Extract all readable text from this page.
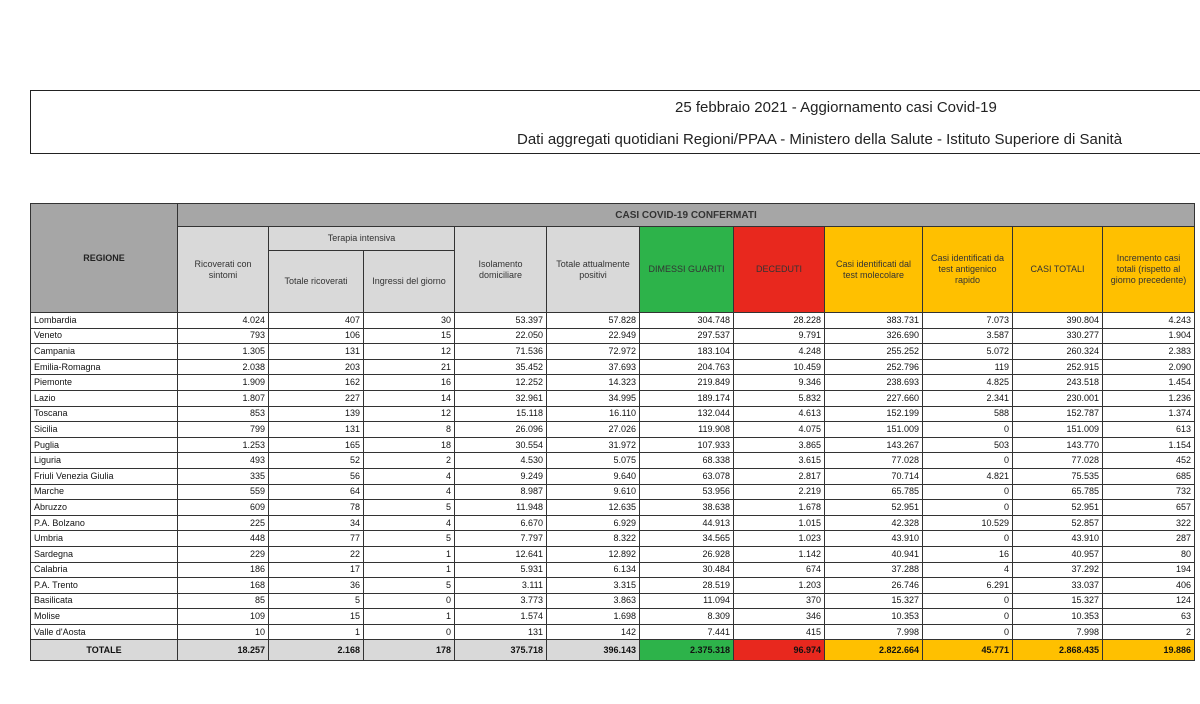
25 febbraio 2021 - Aggiornamento casi Covid-19
Dati aggregati quotidiani Regioni/PPAA - Ministero della Salute - Istituto Superiore di Sanità
REGIONE	CASI COVID-19 CONFERMATI										
	Ricoverati con sintomi	Terapia intensiva		Isolamento domiciliare	Totale attualmente positivi	DIMESSI GUARITI	DECEDUTI	Casi identificati dal test molecolare	Casi identificati da test antigenico rapido	CASI TOTALI	Incremento casi totali (rispetto al giorno precedente)
		Totale ricoverati	Ingressi del giorno								
Lombardia	4.024	407	30	53.397	57.828	304.748	28.228	383.731	7.073	390.804	4.243
Veneto	793	106	15	22.050	22.949	297.537	9.791	326.690	3.587	330.277	1.904
Campania	1.305	131	12	71.536	72.972	183.104	4.248	255.252	5.072	260.324	2.383
Emilia-Romagna	2.038	203	21	35.452	37.693	204.763	10.459	252.796	119	252.915	2.090
Piemonte	1.909	162	16	12.252	14.323	219.849	9.346	238.693	4.825	243.518	1.454
Lazio	1.807	227	14	32.961	34.995	189.174	5.832	227.660	2.341	230.001	1.236
Toscana	853	139	12	15.118	16.110	132.044	4.613	152.199	588	152.787	1.374
Sicilia	799	131	8	26.096	27.026	119.908	4.075	151.009	0	151.009	613
Puglia	1.253	165	18	30.554	31.972	107.933	3.865	143.267	503	143.770	1.154
Liguria	493	52	2	4.530	5.075	68.338	3.615	77.028	0	77.028	452
Friuli Venezia Giulia	335	56	4	9.249	9.640	63.078	2.817	70.714	4.821	75.535	685
Marche	559	64	4	8.987	9.610	53.956	2.219	65.785	0	65.785	732
Abruzzo	609	78	5	11.948	12.635	38.638	1.678	52.951	0	52.951	657
P.A. Bolzano	225	34	4	6.670	6.929	44.913	1.015	42.328	10.529	52.857	322
Umbria	448	77	5	7.797	8.322	34.565	1.023	43.910	0	43.910	287
Sardegna	229	22	1	12.641	12.892	26.928	1.142	40.941	16	40.957	80
Calabria	186	17	1	5.931	6.134	30.484	674	37.288	4	37.292	194
P.A. Trento	168	36	5	3.111	3.315	28.519	1.203	26.746	6.291	33.037	406
Basilicata	85	5	0	3.773	3.863	11.094	370	15.327	0	15.327	124
Molise	109	15	1	1.574	1.698	8.309	346	10.353	0	10.353	63
Valle d'Aosta	10	1	0	131	142	7.441	415	7.998	0	7.998	2
TOTALE	18.257	2.168	178	375.718	396.143	2.375.318	96.974	2.822.664	45.771	2.868.435	19.886
